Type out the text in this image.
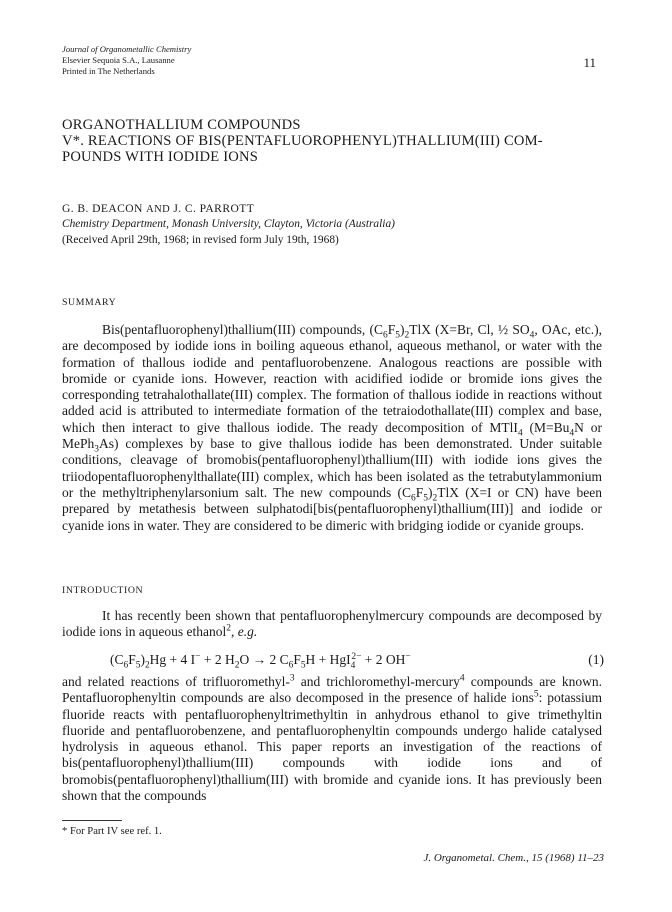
Journal of Organometallic Chemistry
Elsevier Sequoia S.A., Lausanne
Printed in The Netherlands
11
ORGANOTHALLIUM COMPOUNDS
V*. REACTIONS OF BIS(PENTAFLUOROPHENYL)THALLIUM(III) COM-
POUNDS WITH IODIDE IONS
G. B. DEACON AND J. C. PARROTT
Chemistry Department, Monash University, Clayton, Victoria (Australia)
(Received April 29th, 1968; in revised form July 19th, 1968)
SUMMARY

Bis(pentafluorophenyl)thallium(III) compounds, $(C_6F_5)_2TlX$ (X=Br, Cl, ½ $SO_4$, OAc, etc.), are decomposed by iodide ions in boiling aqueous ethanol, aqueous methanol, or water with the formation of thallous iodide and pentafluorobenzene. Analogous reactions are possible with bromide or cyanide ions. However, reaction with acidified iodide or bromide ions gives the corresponding tetrahalothallate(III) complex. The formation of thallous iodide in reactions without added acid is attributed to intermediate formation of the tetraiodothallate(III) complex and base, which then interact to give thallous iodide. The ready decomposition of MTlI$_4$ ($M=Bu_4N$ or MePh$_3$As) complexes by base to give thallous iodide has been demonstrated. Under suitable conditions, cleavage of bromobis(pentafluorophenyl)thallium(III) with iodide ions gives the triiodopentafluorophenylthallate(III) complex, which has been isolated as the tetrabutylammonium or the methyltriphenylarsonium salt. The new compounds $(C_6F_5)_2TlX$ (X=I or CN) have been prepared by metathesis between sulphatodi[bis(pentafluorophenyl)thallium(III)] and iodide or cyanide ions in water. They are considered to be dimeric with bridging iodide or cyanide groups.

INTRODUCTION

It has recently been shown that pentafluorophenylmercury compounds are decomposed by iodide ions in aqueous ethanol$^2$, e.g.

$(C_6F_5)_2Hg + 4$ I− + 2 $H_2O \to 2$ $C_6F_5H + HgI_4^{2-} + 2$ OH−	(1)

and related reactions of trifluoromethyl-$^3$ and trichloromethyl-mercury$^4$ compounds are known. Pentafluorophenyltin compounds are also decomposed in the presence of halide ions$^5$: potassium fluoride reacts with pentafluorophenyltrimethyltin in anhydrous ethanol to give trimethyltin fluoride and pentafluorobenzene, and pentafluorophenyltin compounds undergo halide catalysed hydrolysis in aqueous ethanol. This paper reports an investigation of the reactions of bis(pentafluorophenyl)thallium(III) compounds with iodide ions and of bromobis(pentafluorophenyl)thallium(III) with bromide and cyanide ions. It has previously been shown that the compounds

* For Part IV see ref. 1.
J. Organometal. Chem., 15 (1968) 11–23
